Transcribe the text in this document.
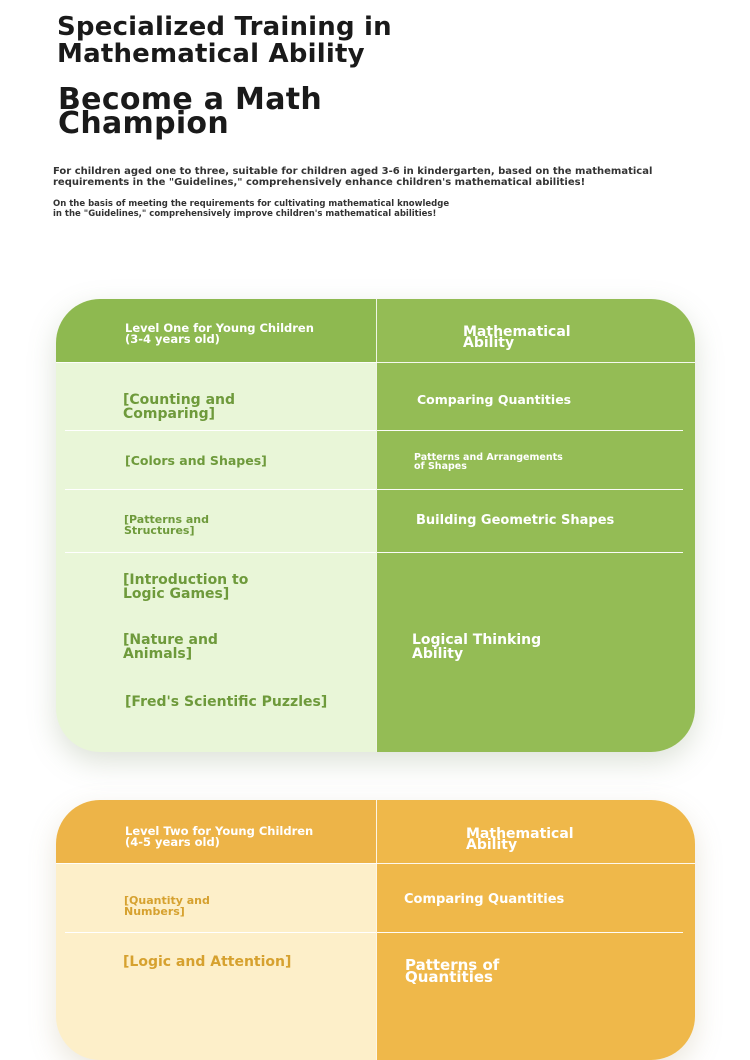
Specialized Training in
Mathematical Ability
Become a Math
Champion
For children aged one to three, suitable for children aged 3-6 in kindergarten, based on the mathematical
requirements in the "Guidelines," comprehensively enhance children's mathematical abilities!
On the basis of meeting the requirements for cultivating mathematical knowledge
in the "Guidelines," comprehensively improve children's mathematical abilities!
Level One for Young Children
(3-4 years old)	Mathematical
Ability
[Counting and
Comparing]
[Colors and Shapes]
[Patterns and
Structures]
[Introduction to
Logic Games]
[Nature and
Animals]
[Fred's Scientific Puzzles]
Comparing Quantities
Patterns and Arrangements
of Shapes
Building Geometric Shapes
Logical Thinking
Ability
Level Two for Young Children
(4-5 years old)	Mathematical
Ability
[Quantity and
Numbers]
[Logic and Attention]
Comparing Quantities
Patterns of
Quantities
